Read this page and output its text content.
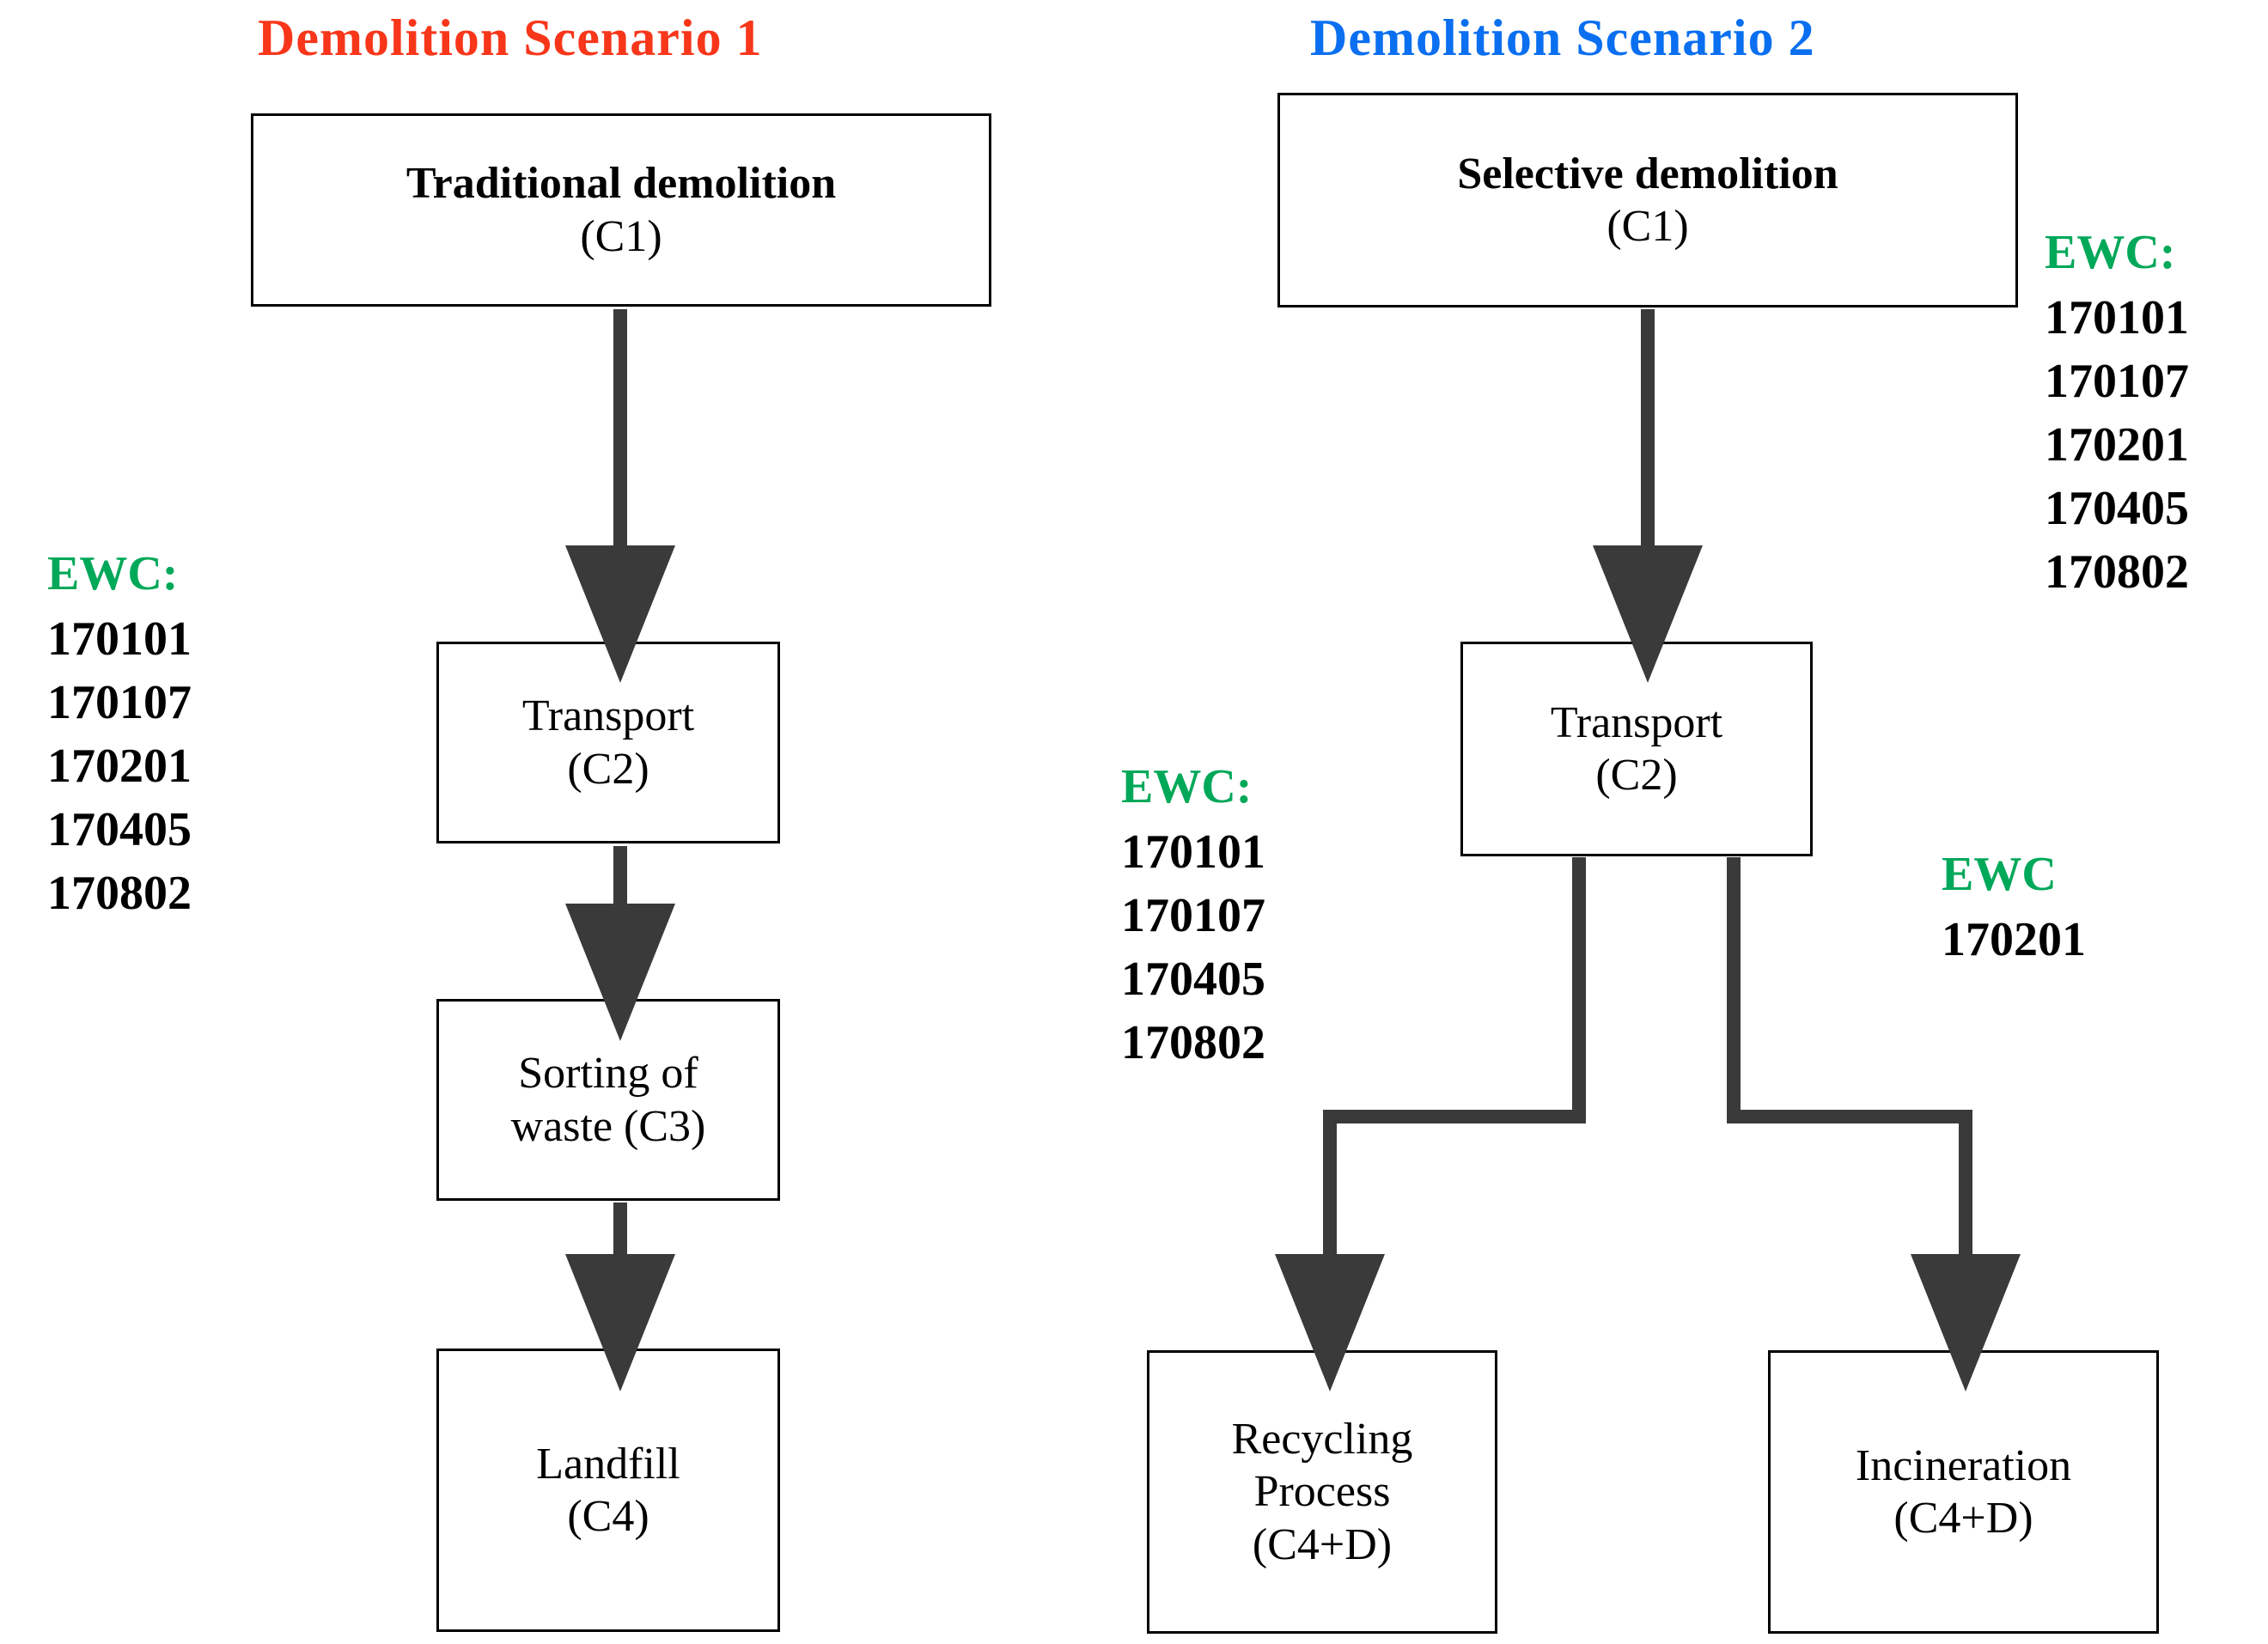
Demolition Scenario 1	Demolition Scenario 2
Traditional demolition
(C1)
Transport
(C2)
Sorting of
waste (C3)
Landfill
(C4)
Selective demolition
(C1)
Transport
(C2)
Recycling
Process
(C4+D)
Incineration
(C4+D)
EWC:
170101
170107
170201
170405
170802
EWC:
170101
170107
170201
170405
170802
EWC:
170101
170107
170405
170802
EWC
170201
